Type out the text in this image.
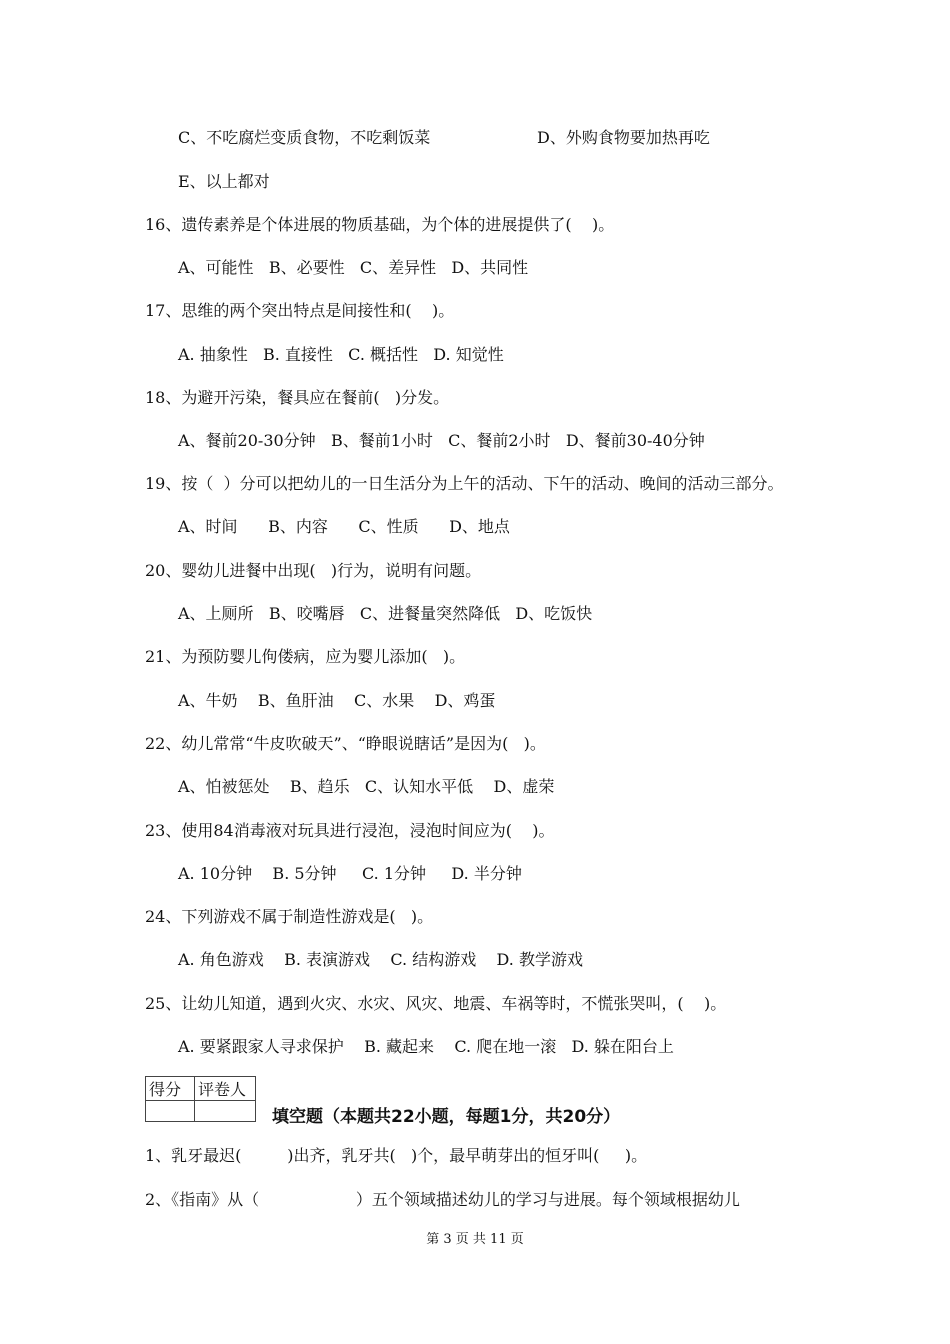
C、不吃腐烂变质食物，不吃剩饭菜	D、外购食物要加热再吃
E、以上都对
16、遗传素养是个体进展的物质基础，为个体的进展提供了(    )。
A、可能性   B、必要性   C、差异性   D、共同性
17、思维的两个突出特点是间接性和(    )。
A. 抽象性   B. 直接性   C. 概括性   D. 知觉性
18、为避开污染，餐具应在餐前(   )分发。
A、餐前20-30分钟   B、餐前1小时   C、餐前2小时   D、餐前30-40分钟
19、按（  ）分可以把幼儿的一日生活分为上午的活动、下午的活动、晚间的活动三部分。
A、时间      B、内容      C、性质      D、地点
20、婴幼儿进餐中出现(   )行为，说明有问题。
A、上厕所   B、咬嘴唇   C、进餐量突然降低   D、吃饭快
21、为预防婴儿佝偻病，应为婴儿添加(   )。
A、牛奶    B、鱼肝油    C、水果    D、鸡蛋
22、幼儿常常“牛皮吹破天”、“睁眼说瞎话”是因为(   )。
A、怕被惩处    B、趋乐   C、认知水平低    D、虚荣
23、使用84消毒液对玩具进行浸泡，浸泡时间应为(    )。
A. 10分钟    B. 5分钟     C. 1分钟     D. 半分钟
24、下列游戏不属于制造性游戏是(   )。
A. 角色游戏    B. 表演游戏    C. 结构游戏    D. 教学游戏
25、让幼儿知道，遇到火灾、水灾、风灾、地震、车祸等时，不慌张哭叫，(    )。
A. 要紧跟家人寻求保护    B. 藏起来    C. 爬在地一滚   D. 躲在阳台上
得分	评卷人

填空题（本题共22小题，每题1分，共20分）
1、乳牙最迟(         )出齐，乳牙共(   )个，最早萌芽出的恒牙叫(     )。
2、《指南》从（                   ）五个领域描述幼儿的学习与进展。每个领域根据幼儿
第 3 页 共 11 页
